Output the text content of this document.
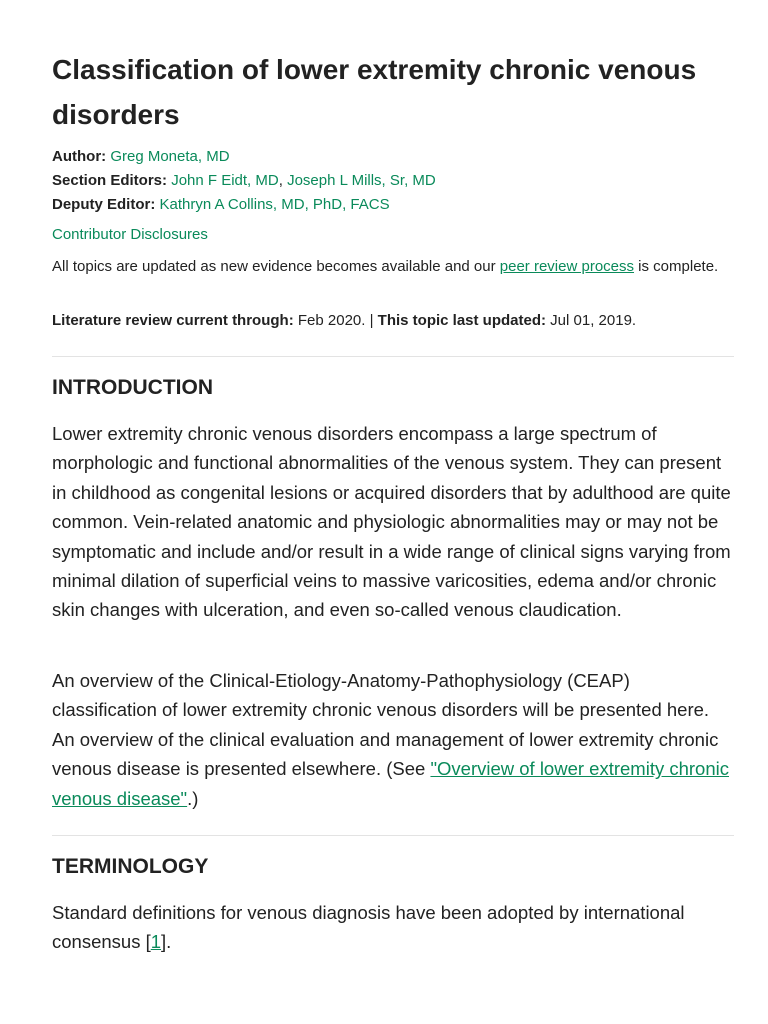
Classification of lower extremity chronic venous disorders
Author: Greg Moneta, MD
Section Editors: John F Eidt, MD, Joseph L Mills, Sr, MD
Deputy Editor: Kathryn A Collins, MD, PhD, FACS
Contributor Disclosures
All topics are updated as new evidence becomes available and our peer review process is complete.
Literature review current through: Feb 2020. | This topic last updated: Jul 01, 2019.
INTRODUCTION

Lower extremity chronic venous disorders encompass a large spectrum of morphologic and functional abnormalities of the venous system. They can present in childhood as congenital lesions or acquired disorders that by adulthood are quite common. Vein-related anatomic and physiologic abnormalities may or may not be symptomatic and include and/or result in a wide range of clinical signs varying from minimal dilation of superficial veins to massive varicosities, edema and/or chronic skin changes with ulceration, and even so-called venous claudication.

An overview of the Clinical-Etiology-Anatomy-Pathophysiology (CEAP) classification of lower extremity chronic venous disorders will be presented here. An overview of the clinical evaluation and management of lower extremity chronic venous disease is presented elsewhere. (See "Overview of lower extremity chronic venous disease".)

TERMINOLOGY

Standard definitions for venous diagnosis have been adopted by international consensus [1].
